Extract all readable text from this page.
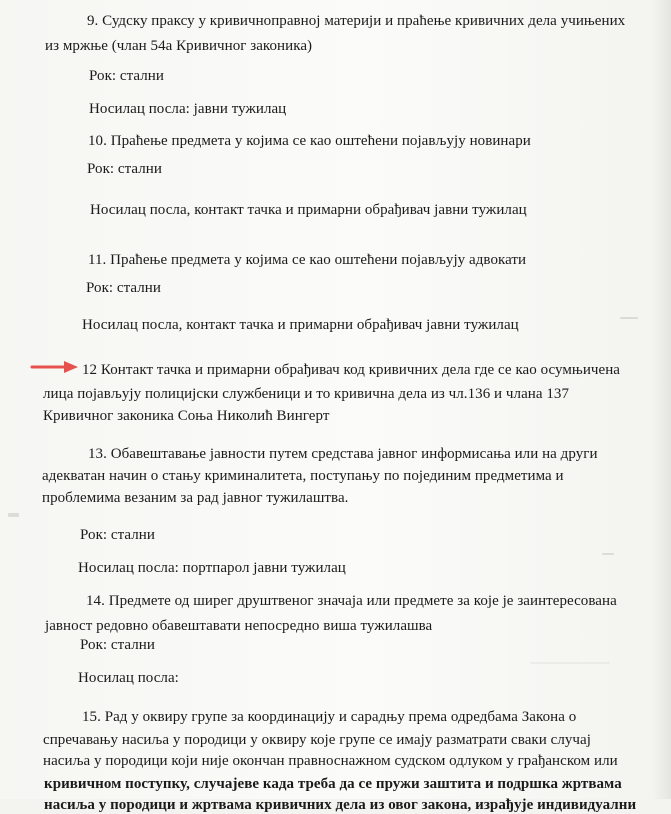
9. Судску праксу у кривичноправној материји и праћење кривичних дела учињених
из мржње (члан 54а Кривичног законика)
Рок: стални
Носилац посла: јавни тужилац
10. Праћење предмета у којима се као оштећени појављују новинари
Рок: стални
Носилац посла, контакт тачка и примарни обрађивач јавни тужилац
11. Праћење предмета у којима се као оштећени појављују адвокати
Рок: стални
Носилац посла, контакт тачка и примарни обрађивач јавни тужилац
12 Контакт тачка и примарни обрађивач код кривичних дела где се као осумњичена
лица појављују полицијски службеници и то кривична дела из чл.136 и члана 137
Кривичног законика Соња Николић Вингерт
13. Обавештавање јавности путем средстава јавног информисања или на други
адекватан начин о стању криминалитета, поступању по појединим предметима и
проблемима везаним за рад јавног тужилаштва.
Рок: стални
Носилац посла: портпарол јавни тужилац
14. Предмете од ширег друштвеног значаја или предмете за које је заинтересована
јавност редовно обавештавати непосредно виша тужилашва
Рок: стални
Носилац посла:
15. Рад у оквиру групе за координацију и сарадњу према одредбама Закона о
спречавању насиља у породици у оквиру које групе се имају разматрати сваки случај
насиља у породици који није окончан правноснажном судском одлуком у грађанском или
кривичном поступку, случајеве када треба да се пружи заштита и подршка жртвама
насиља у породици и жртвама кривичних дела из овог закона, израђује индивидуални
